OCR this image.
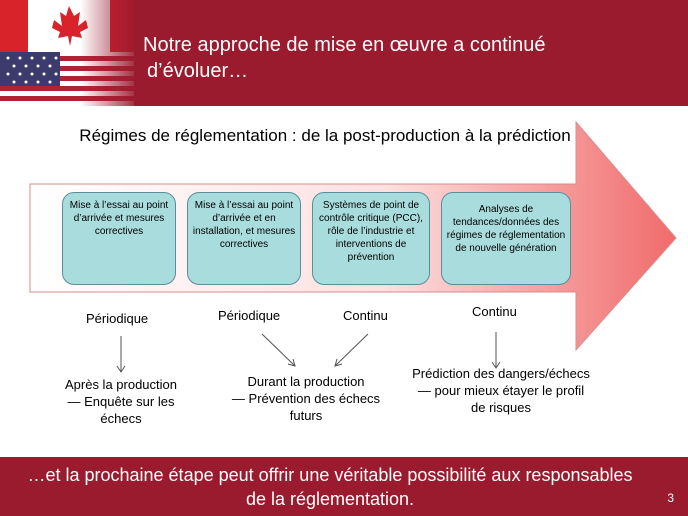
Notre approche de mise en œuvre a continué
d’évoluer…
Régimes de réglementation : de la post-production à la prédiction
Mise à l’essai au point d’arrivée et mesures correctives
Mise à l’essai au point d’arrivée et en installation, et mesures correctives
Systèmes de point de contrôle critique (PCC), rôle de l’industrie et interventions de prévention
Analyses de tendances/données des régimes de réglementation de nouvelle génération
Périodique	Périodique	Continu	Continu
Après la production
— Enquête sur les échecs
Durant la production
— Prévention des échecs futurs
Prédiction des dangers/échecs
— pour mieux étayer le profil de risques
…et la prochaine étape peut offrir une véritable possibilité aux responsables de la réglementation.	3
